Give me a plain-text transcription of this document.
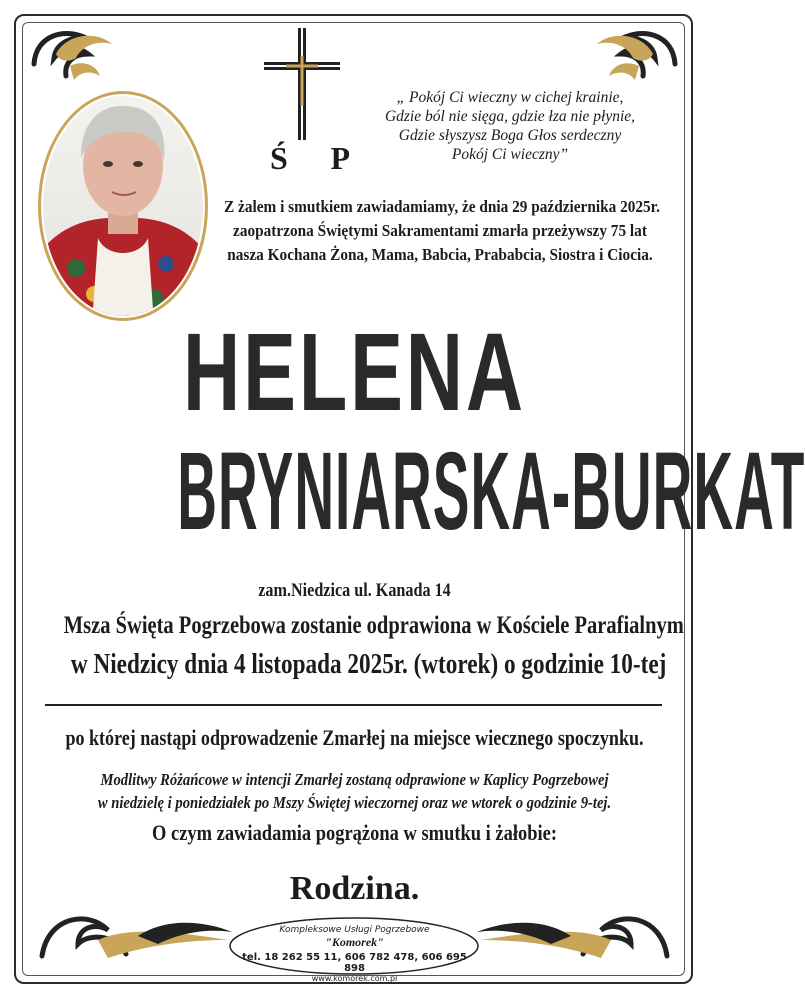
Ś P
„ Pokój Ci wieczny w cichej krainie,
Gdzie ból nie sięga, gdzie łza nie płynie,
Gdzie słyszysz Boga Głos serdeczny
Pokój Ci wieczny”
Z żalem i smutkiem zawiadamiamy, że dnia 29 października 2025r.
zaopatrzona Świętymi Sakramentami zmarła przeżywszy 75 lat
nasza Kochana Żona, Mama, Babcia, Prababcia, Siostra i Ciocia.
HELENA
BRYNIARSKA-BURKAT
zam.Niedzica ul. Kanada 14
Msza Święta Pogrzebowa zostanie odprawiona w Kościele Parafialnym
w Niedzicy dnia 4 listopada 2025r. (wtorek) o godzinie 10-tej
po której nastąpi odprowadzenie Zmarłej na miejsce wiecznego spoczynku.
Modlitwy Różańcowe w intencji Zmarłej zostaną odprawione w Kaplicy Pogrzebowej
w niedzielę i poniedziałek po Mszy Świętej wieczornej oraz we wtorek o godzinie 9-tej.
O czym zawiadamia pogrążona w smutku i żałobie:
Rodzina.
Kompleksowe Usługi Pogrzebowe
"Komorek"
tel. 18 262 55 11, 606 782 478, 606 695 898
www.komorek.com.pl
